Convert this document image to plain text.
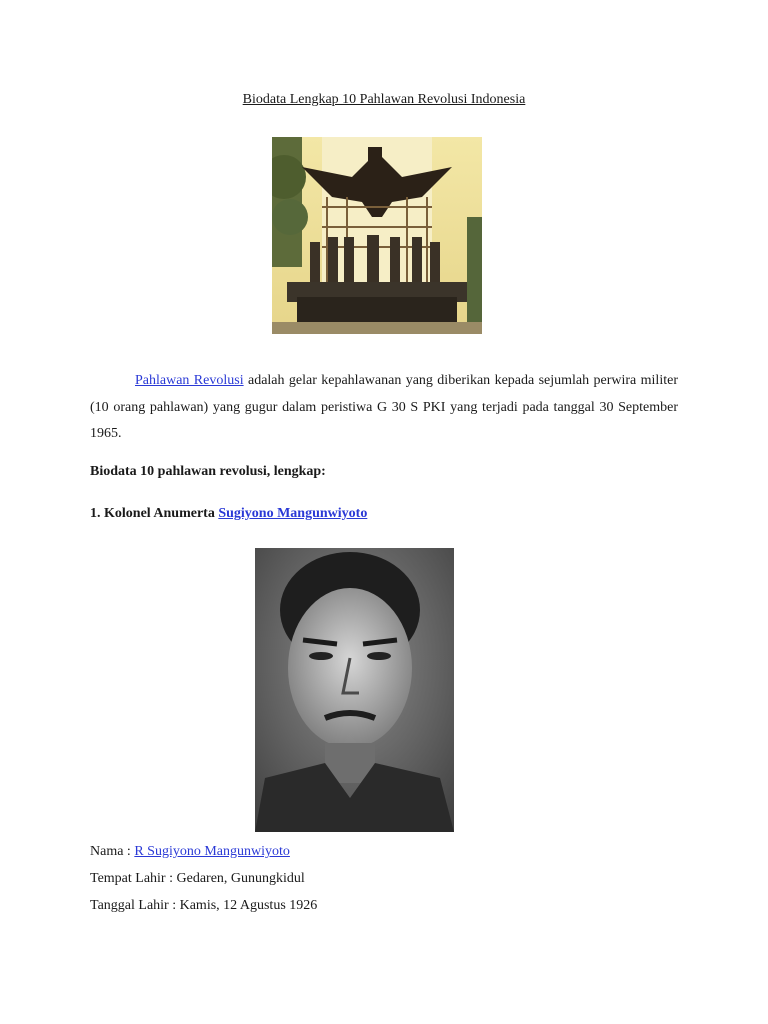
Biodata Lengkap 10 Pahlawan Revolusi Indonesia
Pahlawan Revolusi adalah gelar kepahlawanan yang diberikan kepada sejumlah perwira militer (10 orang pahlawan) yang gugur dalam peristiwa G 30 S PKI yang terjadi pada tanggal 30 September 1965.
Biodata 10 pahlawan revolusi, lengkap:
1. Kolonel Anumerta Sugiyono Mangunwiyoto
Nama : R Sugiyono Mangunwiyoto
Tempat Lahir : Gedaren, Gunungkidul
Tanggal Lahir : Kamis, 12 Agustus 1926
